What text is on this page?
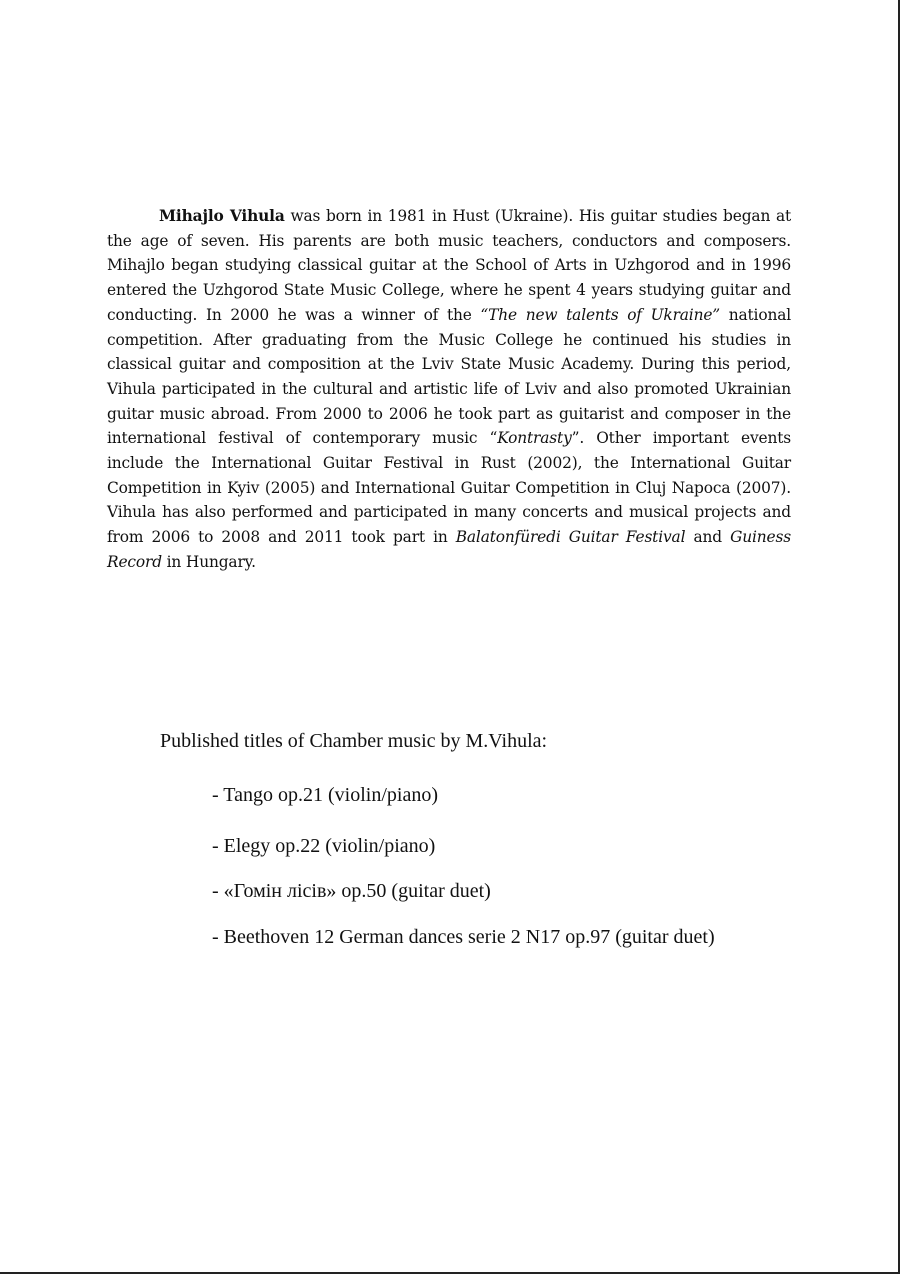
Mihajlo Vihula was born in 1981 in Hust (Ukraine). His guitar studies began at the age of seven. His parents are both music teachers, conductors and composers. Mihajlo began studying classical guitar at the School of Arts in Uzhgorod and in 1996 entered the Uzhgorod State Music College, where he spent 4 years studying guitar and conducting. In 2000 he was a winner of the “The new talents of Ukraine” national competition. After graduating from the Music College he continued his studies in classical guitar and composition at the Lviv State Music Academy. During this period, Vihula participated in the cultural and artistic life of Lviv and also promoted Ukrainian guitar music abroad. From 2000 to 2006 he took part as guitarist and composer in the international festival of contemporary music “Kontrasty”. Other important events include the International Guitar Festival in Rust (2002), the International Guitar Competition in Kyiv (2005) and International Guitar Competition in Cluj Napoca (2007). Vihula has also performed and participated in many concerts and musical projects and from 2006 to 2008 and 2011 took part in Balatonfüredi Guitar Festival and Guiness Record in Hungary.

Published titles of Chamber music by M.Vihula:
- Tango op.21 (violin/piano)
- Elegy op.22 (violin/piano)
- «Гомін лісів» op.50 (guitar duet)
- Beethoven 12 German dances serie 2 N17 op.97 (guitar duet)
